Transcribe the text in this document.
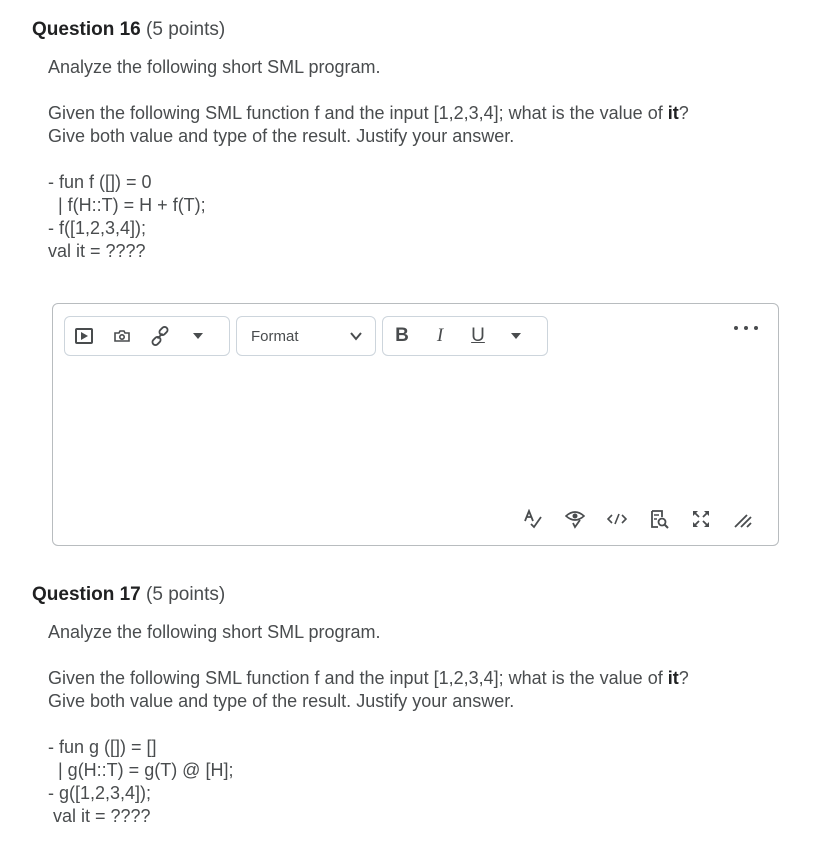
Question 16 (5 points)

Analyze the following short SML program.

Given the following SML function f and the input [1,2,3,4]; what is the value of it?

Give both value and type of the result. Justify your answer.

- fun f ([]) = 0

| f(H::T) = H + f(T);

- f([1,2,3,4]);

val it = ????

Format	B	I	U
Question 17 (5 points)

Analyze the following short SML program.

Given the following SML function f and the input [1,2,3,4]; what is the value of it?

Give both value and type of the result. Justify your answer.

- fun g ([]) = []

| g(H::T) = g(T) @ [H];

- g([1,2,3,4]);

val it = ????
